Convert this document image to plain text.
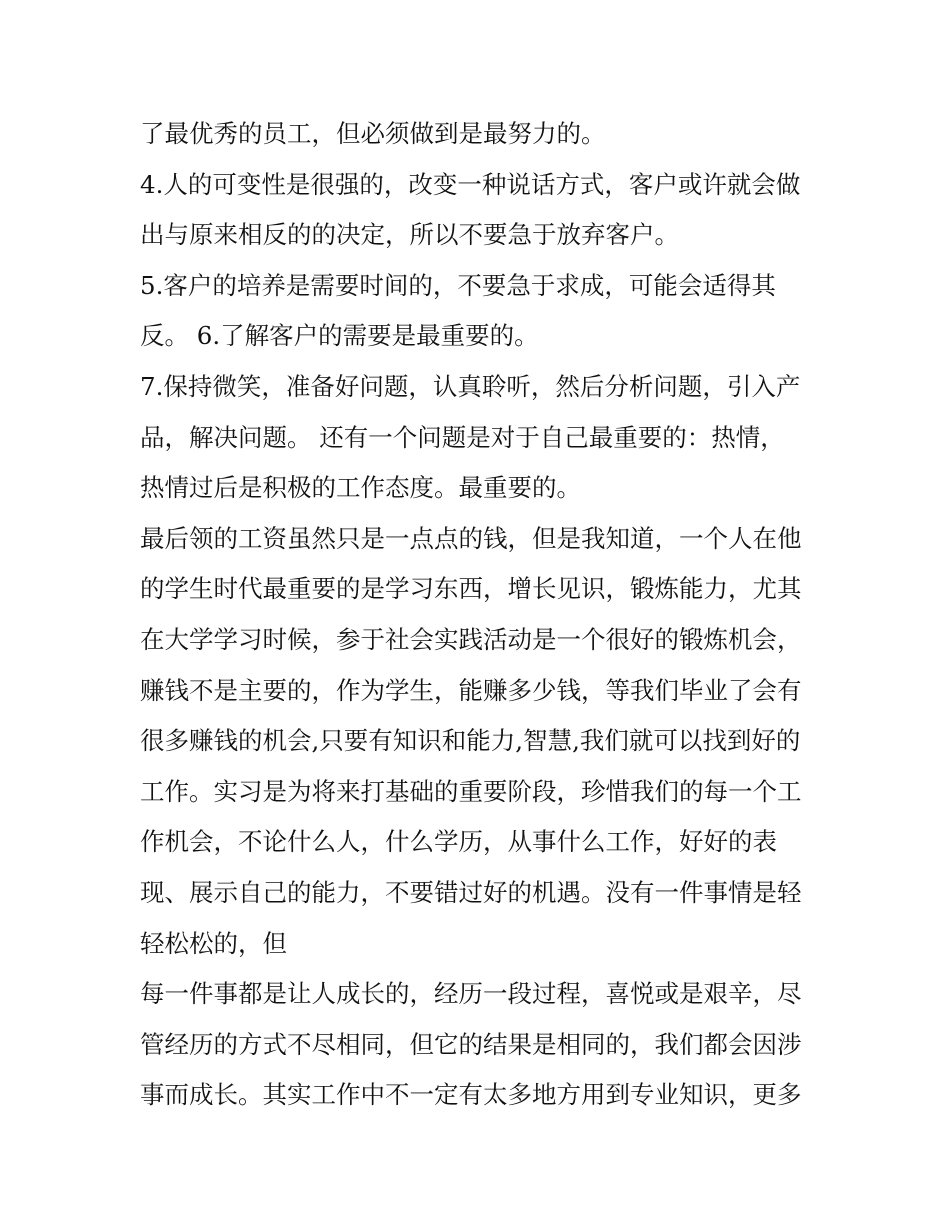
了最优秀的员工，但必须做到是最努力的。
4.人的可变性是很强的，改变一种说话方式，客户或许就会做
出与原来相反的的决定，所以不要急于放弃客户。
5.客户的培养是需要时间的，不要急于求成，可能会适得其
反。 6.了解客户的需要是最重要的。
7.保持微笑，准备好问题，认真聆听，然后分析问题，引入产
品，解决问题。 还有一个问题是对于自己最重要的：热情，
热情过后是积极的工作态度。最重要的。
最后领的工资虽然只是一点点的钱，但是我知道，一个人在他
的学生时代最重要的是学习东西，增长见识，锻炼能力，尤其
在大学学习时候，参于社会实践活动是一个很好的锻炼机会，
赚钱不是主要的，作为学生，能赚多少钱，等我们毕业了会有
很多赚钱的机会,只要有知识和能力,智慧,我们就可以找到好的
工作。实习是为将来打基础的重要阶段，珍惜我们的每一个工
作机会，不论什么人，什么学历，从事什么工作，好好的表
现、展示自己的能力，不要错过好的机遇。没有一件事情是轻
轻松松的，但
每一件事都是让人成长的，经历一段过程，喜悦或是艰辛，尽
管经历的方式不尽相同，但它的结果是相同的，我们都会因涉
事而成长。其实工作中不一定有太多地方用到专业知识，更多
